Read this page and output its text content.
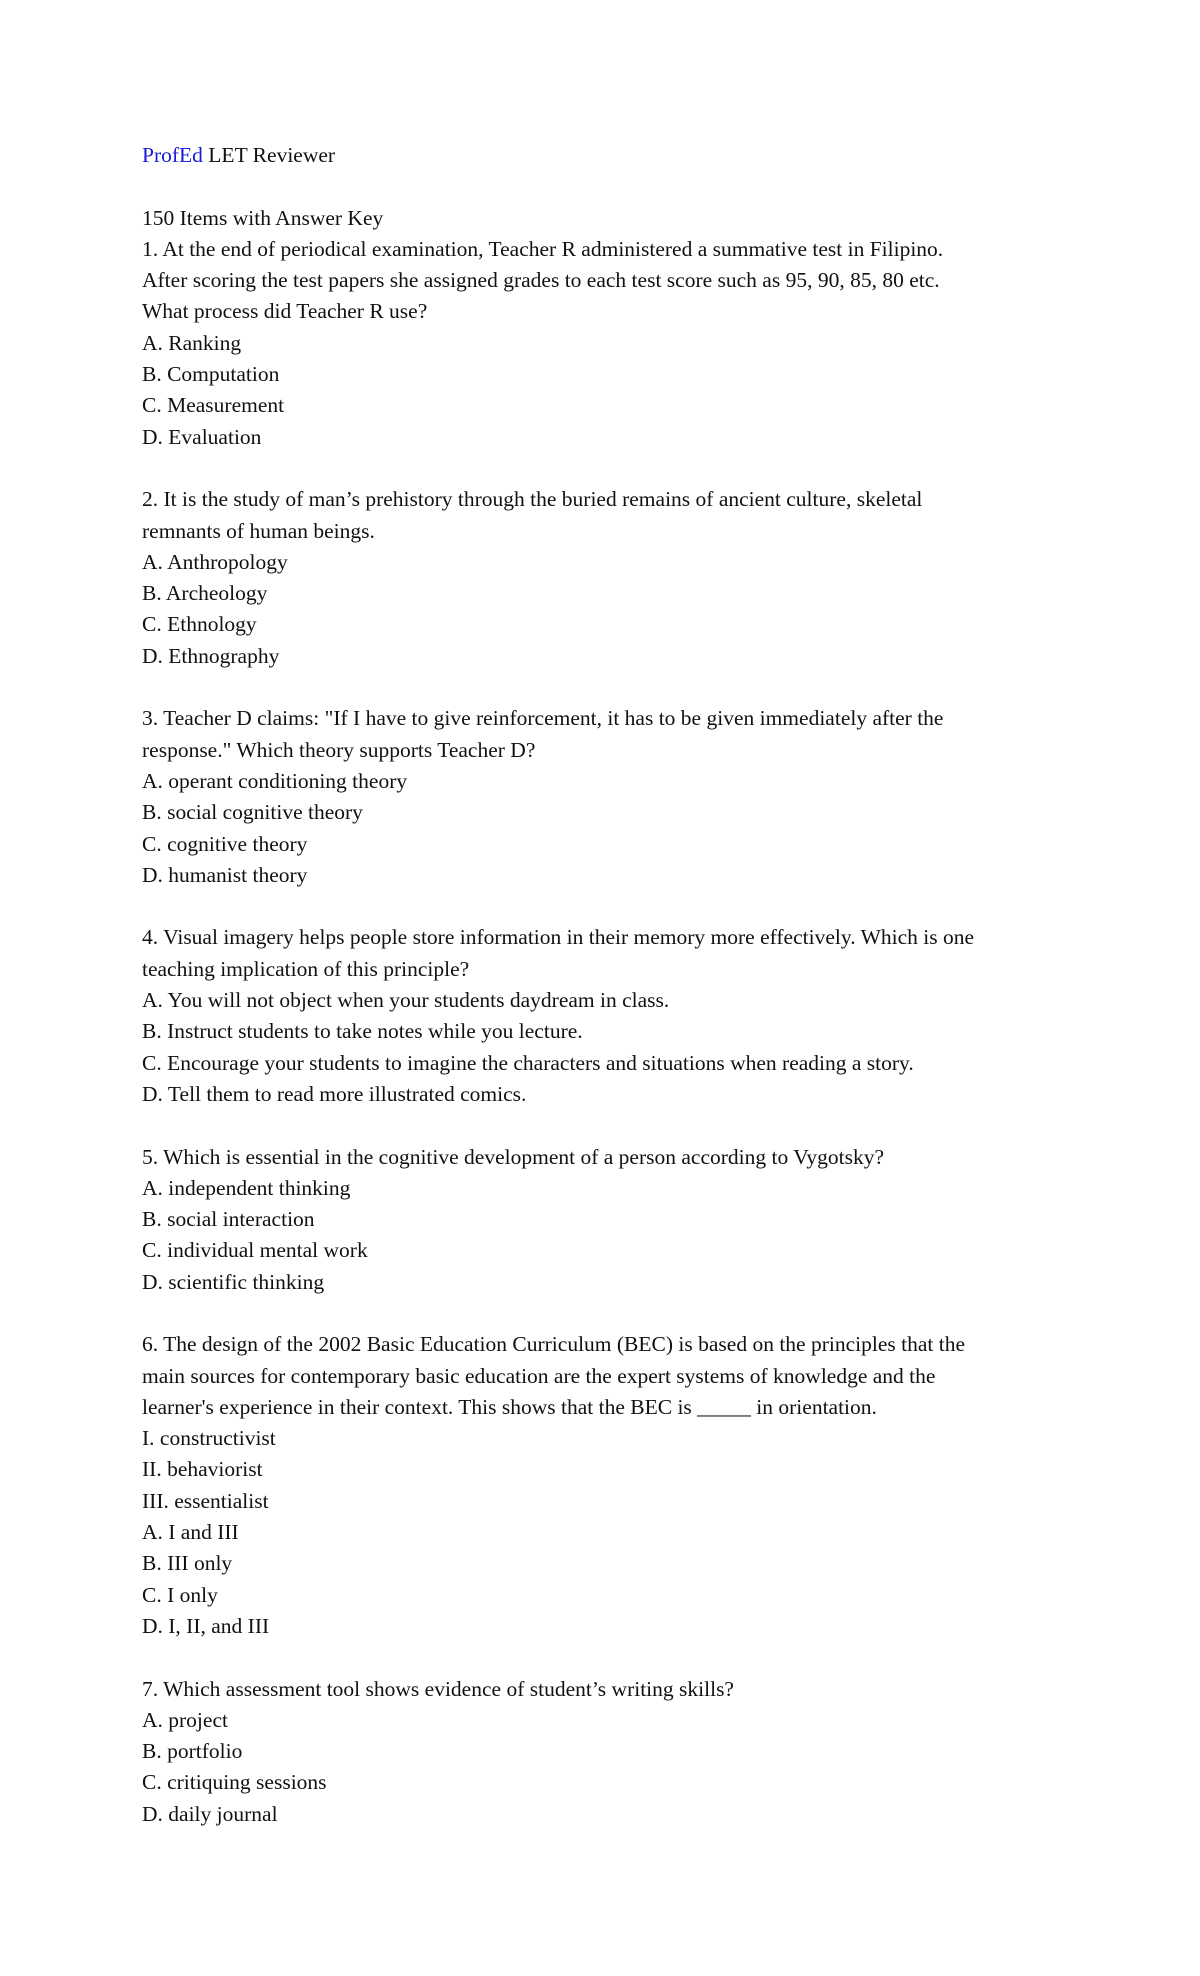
ProfEd LET Reviewer
150 Items with Answer Key
1. At the end of periodical examination, Teacher R administered a summative test in Filipino.
After scoring the test papers she assigned grades to each test score such as 95, 90, 85, 80 etc.
What process did Teacher R use?
A. Ranking
B. Computation
C. Measurement
D. Evaluation
2. It is the study of man’s prehistory through the buried remains of ancient culture, skeletal
remnants of human beings.
A. Anthropology
B. Archeology
C. Ethnology
D. Ethnography
3. Teacher D claims: "If I have to give reinforcement, it has to be given immediately after the
response." Which theory supports Teacher D?
A. operant conditioning theory
B. social cognitive theory
C. cognitive theory
D. humanist theory
4. Visual imagery helps people store information in their memory more effectively. Which is one
teaching implication of this principle?
A. You will not object when your students daydream in class.
B. Instruct students to take notes while you lecture.
C. Encourage your students to imagine the characters and situations when reading a story.
D. Tell them to read more illustrated comics.
5. Which is essential in the cognitive development of a person according to Vygotsky?
A. independent thinking
B. social interaction
C. individual mental work
D. scientific thinking
6. The design of the 2002 Basic Education Curriculum (BEC) is based on the principles that the
main sources for contemporary basic education are the expert systems of knowledge and the
learner's experience in their context. This shows that the BEC is _____ in orientation.
I. constructivist
II. behaviorist
III. essentialist
A. I and III
B. III only
C. I only
D. I, II, and III
7. Which assessment tool shows evidence of student’s writing skills?
A. project
B. portfolio
C. critiquing sessions
D. daily journal
